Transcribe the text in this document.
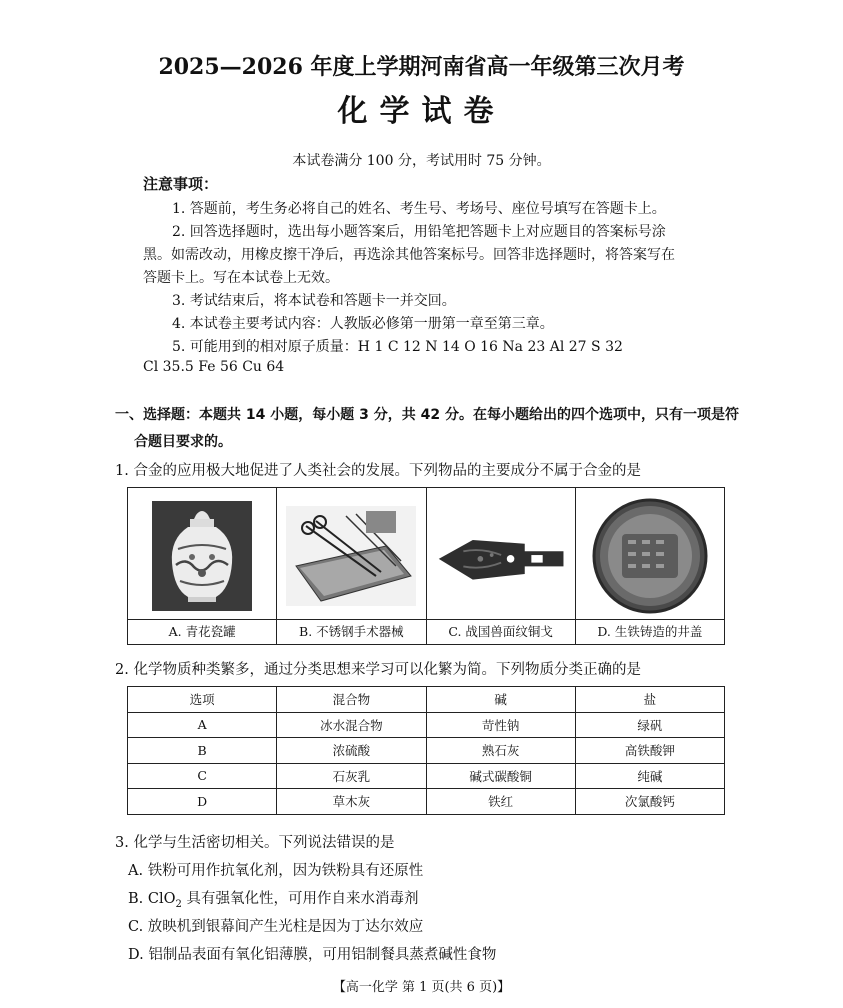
2025—2026 年度上学期河南省高一年级第三次月考
化学试卷
本试卷满分 100 分，考试用时 75 分钟。
注意事项：
1. 答题前，考生务必将自己的姓名、考生号、考场号、座位号填写在答题卡上。
2. 回答选择题时，选出每小题答案后，用铅笔把答题卡上对应题目的答案标号涂
黑。如需改动，用橡皮擦干净后，再选涂其他答案标号。回答非选择题时，将答案写在
答题卡上。写在本试卷上无效。
3. 考试结束后，将本试卷和答题卡一并交回。
4. 本试卷主要考试内容：人教版必修第一册第一章至第三章。
5. 可能用到的相对原子质量：H 1 C 12 N 14 O 16 Na 23 Al 27 S 32
Cl 35.5 Fe 56 Cu 64
一、选择题：本题共 14 小题，每小题 3 分，共 42 分。在每小题给出的四个选项中，只有一项是符
合题目要求的。
1. 合金的应用极大地促进了人类社会的发展。下列物品的主要成分不属于合金的是
A. 青花瓷罐	B. 不锈钢手术器械	C. 战国兽面纹铜戈	D. 生铁铸造的井盖
2. 化学物质种类繁多，通过分类思想来学习可以化繁为简。下列物质分类正确的是
选项	混合物	碱	盐
A	冰水混合物	苛性钠	绿矾
B	浓硫酸	熟石灰	高铁酸钾
C	石灰乳	碱式碳酸铜	纯碱
D	草木灰	铁红	次氯酸钙
3. 化学与生活密切相关。下列说法错误的是
A. 铁粉可用作抗氧化剂，因为铁粉具有还原性
B. ClO$_2$ 具有强氧化性，可用作自来水消毒剂
C. 放映机到银幕间产生光柱是因为丁达尔效应
D. 铝制品表面有氧化铝薄膜，可用铝制餐具蒸煮碱性食物
【高一化学 第 1 页(共 6 页)】
